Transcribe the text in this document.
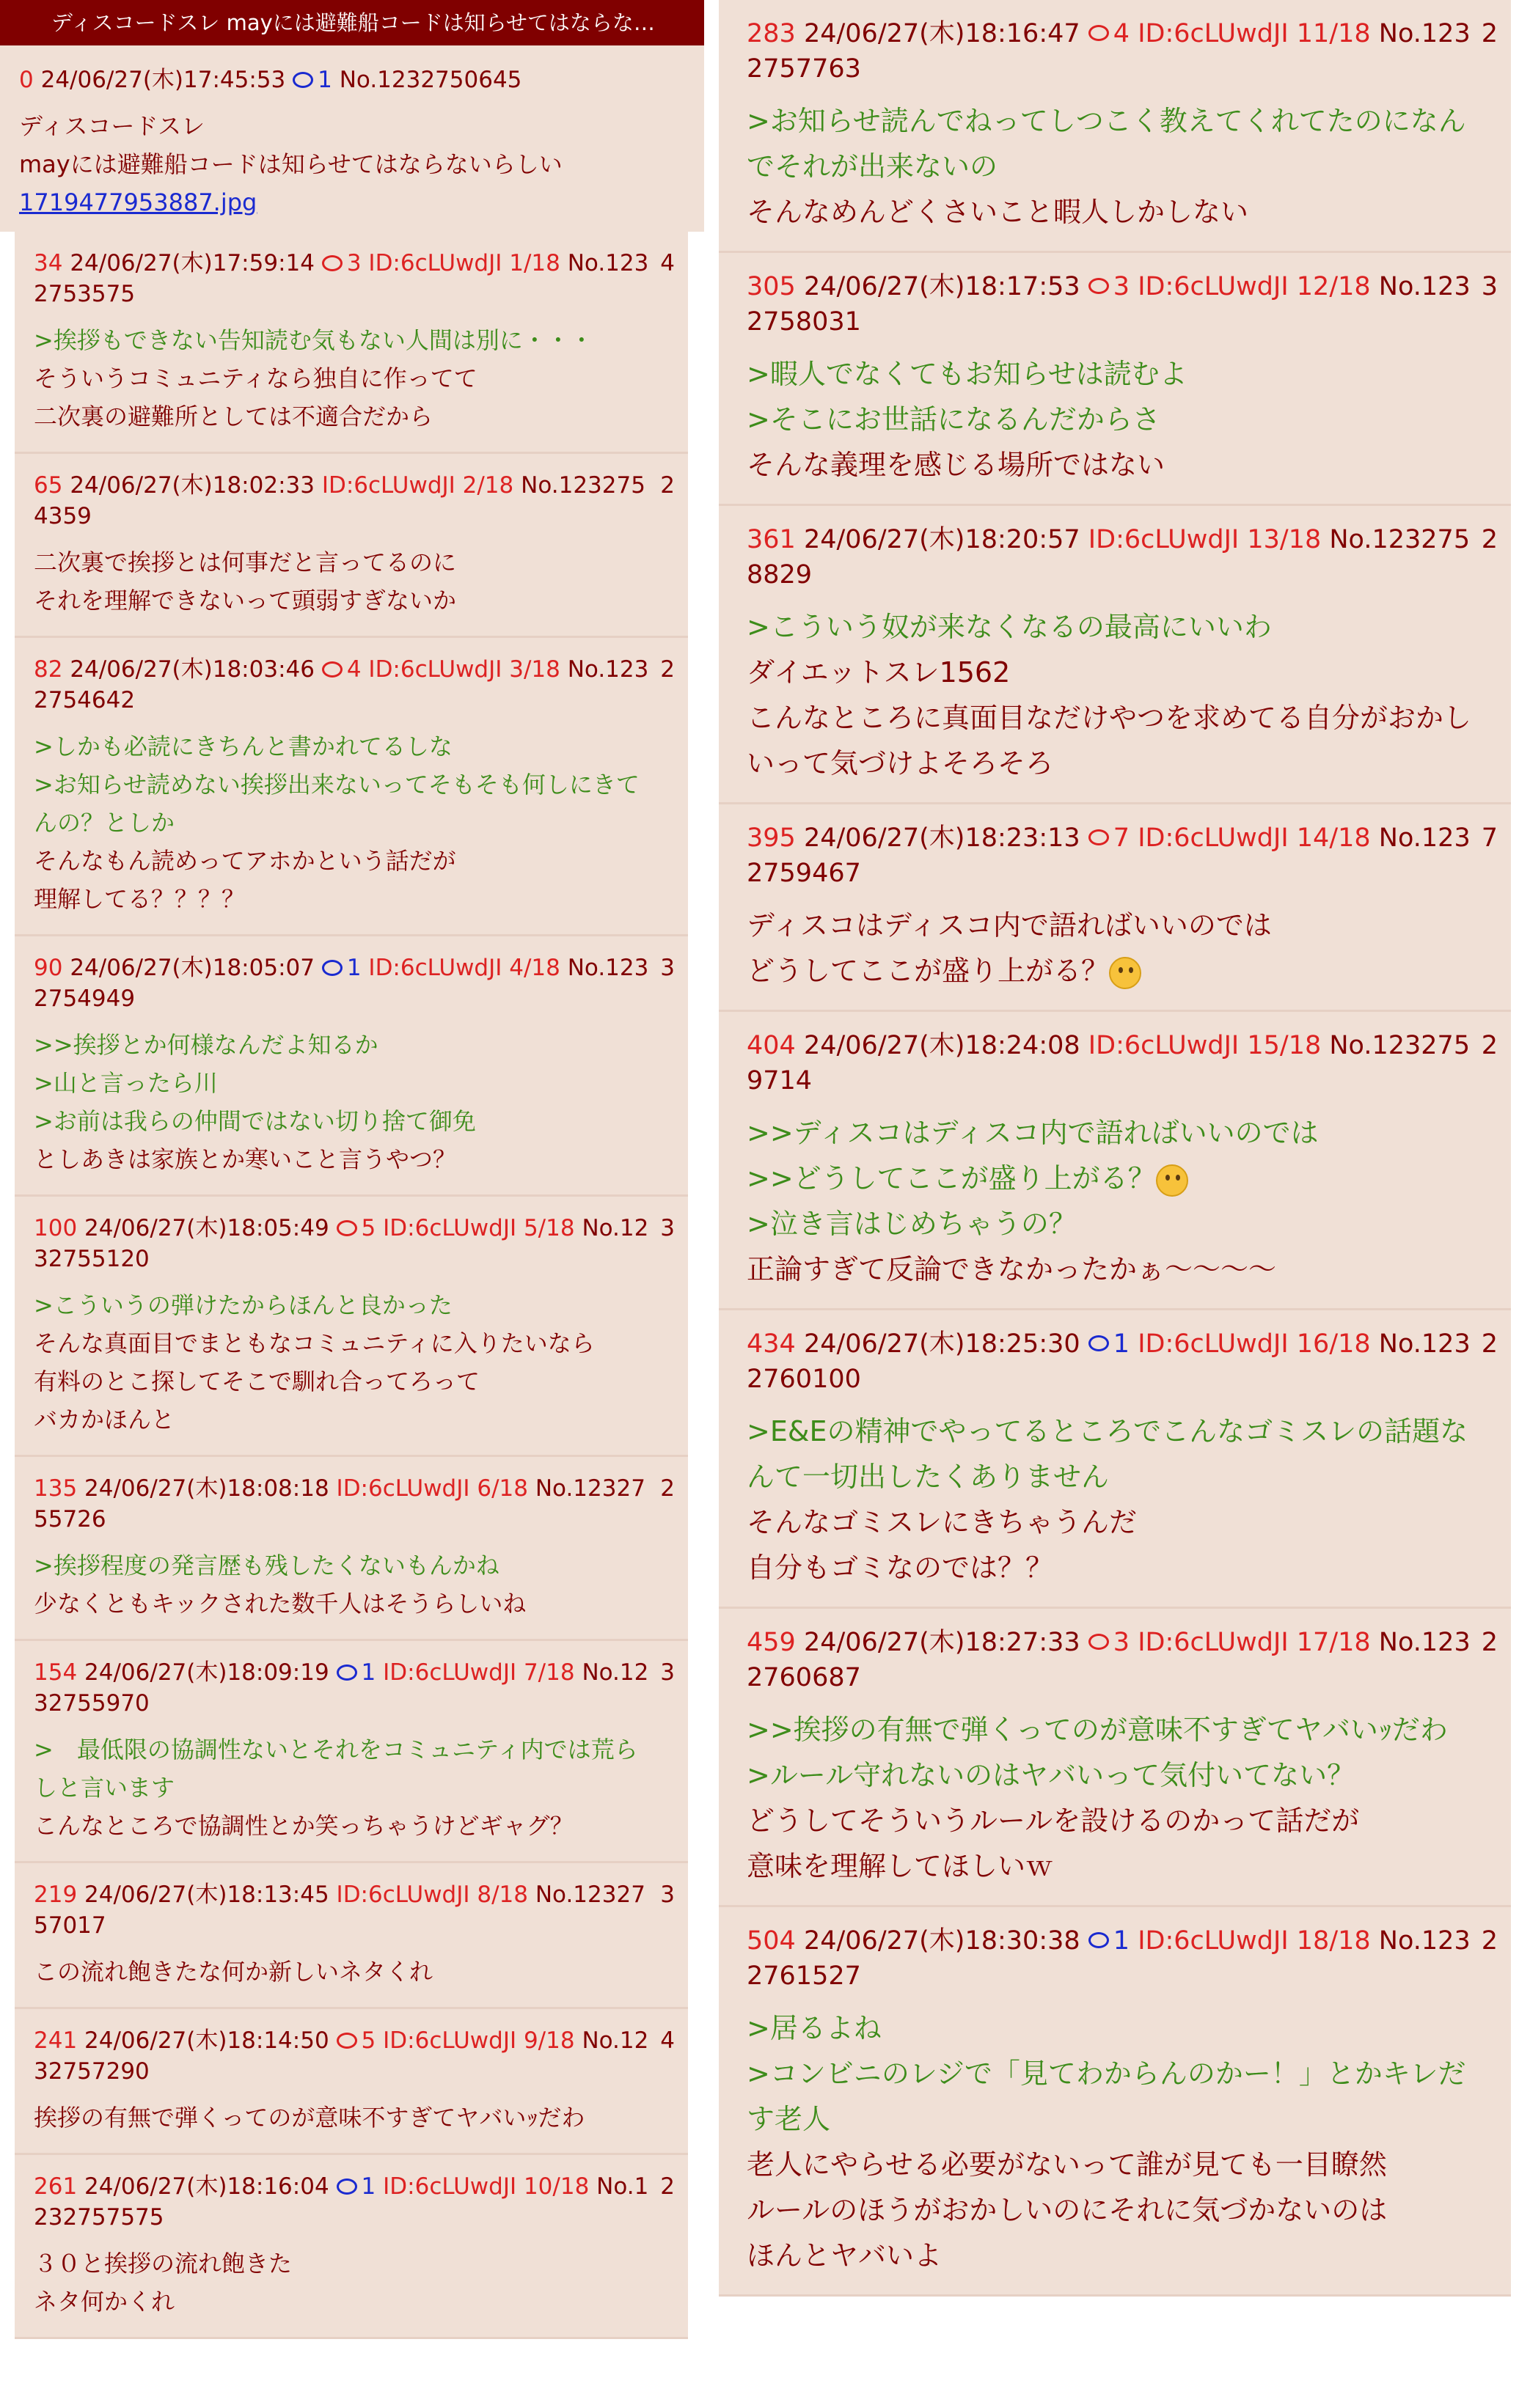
ディスコードスレ mayには避難船コードは知らせてはならな…
0 24/06/27(木)17:45:53 1 No.1232750645
ディスコードスレ
mayには避難船コードは知らせてはならないらしい
1719477953887.jpg
34 24/06/27(木)17:59:14 3 ID:6cLUwdJI 1/18 No.1232753575
4
>挨拶もできない告知読む気もない人間は別に・・・
そういうコミュニティなら独自に作ってて
二次裏の避難所としては不適合だから
65 24/06/27(木)18:02:33 ID:6cLUwdJI 2/18 No.1232754359
2
二次裏で挨拶とは何事だと言ってるのに
それを理解できないって頭弱すぎないか
82 24/06/27(木)18:03:46 4 ID:6cLUwdJI 3/18 No.1232754642
2
>しかも必読にきちんと書かれてるしな
>お知らせ読めない挨拶出来ないってそもそも何しにきてんの？としか
そんなもん読めってアホかという話だが
理解してる？？？？
90 24/06/27(木)18:05:07 1 ID:6cLUwdJI 4/18 No.1232754949
3
>>挨拶とか何様なんだよ知るか
>山と言ったら川
>お前は我らの仲間ではない切り捨て御免
としあきは家族とか寒いこと言うやつ？
100 24/06/27(木)18:05:49 5 ID:6cLUwdJI 5/18 No.1232755120
3
>こういうの弾けたからほんと良かった
そんな真面目でまともなコミュニティに入りたいなら
有料のとこ探してそこで馴れ合ってろって
バカかほんと
135 24/06/27(木)18:08:18 ID:6cLUwdJI 6/18 No.1232755726
2
>挨拶程度の発言歴も残したくないもんかね
少なくともキックされた数千人はそうらしいね
154 24/06/27(木)18:09:19 1 ID:6cLUwdJI 7/18 No.1232755970
3
>　最低限の協調性ないとそれをコミュニティ内では荒らしと言います
こんなところで協調性とか笑っちゃうけどギャグ？
219 24/06/27(木)18:13:45 ID:6cLUwdJI 8/18 No.1232757017
3
この流れ飽きたな何か新しいネタくれ
241 24/06/27(木)18:14:50 5 ID:6cLUwdJI 9/18 No.1232757290
4
挨拶の有無で弾くってのが意味不すぎてヤバいｯだわ
261 24/06/27(木)18:16:04 1 ID:6cLUwdJI 10/18 No.1232757575
2
３０と挨拶の流れ飽きた
ネタ何かくれ
283 24/06/27(木)18:16:47 4 ID:6cLUwdJI 11/18 No.1232757763
2
>お知らせ読んでねってしつこく教えてくれてたのになんでそれが出来ないの
そんなめんどくさいこと暇人しかしない
305 24/06/27(木)18:17:53 3 ID:6cLUwdJI 12/18 No.1232758031
3
>暇人でなくてもお知らせは読むよ
>そこにお世話になるんだからさ
そんな義理を感じる場所ではない
361 24/06/27(木)18:20:57 ID:6cLUwdJI 13/18 No.1232758829
2
>こういう奴が来なくなるの最高にいいわ
ダイエットスレ1562
こんなところに真面目なだけやつを求めてる自分がおかしいって気づけよそろそろ
395 24/06/27(木)18:23:13 7 ID:6cLUwdJI 14/18 No.1232759467
7
ディスコはディスコ内で語ればいいのでは
どうしてここが盛り上がる？
404 24/06/27(木)18:24:08 ID:6cLUwdJI 15/18 No.1232759714
2
>>ディスコはディスコ内で語ればいいのでは
>>どうしてここが盛り上がる？
>泣き言はじめちゃうの？
正論すぎて反論できなかったかぁ〜〜〜〜
434 24/06/27(木)18:25:30 1 ID:6cLUwdJI 16/18 No.1232760100
2
>E&Eの精神でやってるところでこんなゴミスレの話題なんて一切出したくありません
そんなゴミスレにきちゃうんだ
自分もゴミなのでは？？
459 24/06/27(木)18:27:33 3 ID:6cLUwdJI 17/18 No.1232760687
2
>>挨拶の有無で弾くってのが意味不すぎてヤバいｯだわ
>ルール守れないのはヤバいって気付いてない？
どうしてそういうルールを設けるのかって話だが
意味を理解してほしいｗ
504 24/06/27(木)18:30:38 1 ID:6cLUwdJI 18/18 No.1232761527
2
>居るよね
>コンビニのレジで「見てわからんのかー！」とかキレだす老人
老人にやらせる必要がないって誰が見ても一目瞭然
ルールのほうがおかしいのにそれに気づかないのは
ほんとヤバいよ
